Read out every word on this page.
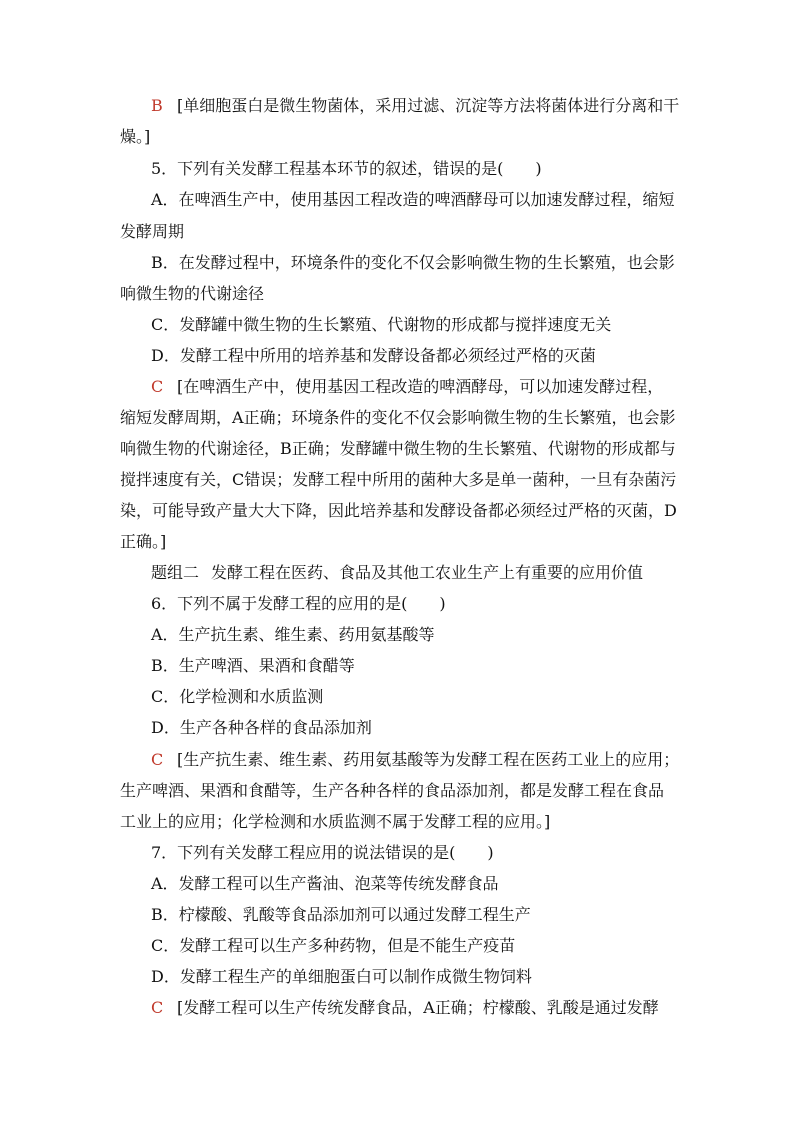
B [单细胞蛋白是微生物菌体，采用过滤、沉淀等方法将菌体进行分离和干
燥。]
5．下列有关发酵工程基本环节的叙述，错误的是(　　)
A．在啤酒生产中，使用基因工程改造的啤酒酵母可以加速发酵过程，缩短
发酵周期
B．在发酵过程中，环境条件的变化不仅会影响微生物的生长繁殖，也会影
响微生物的代谢途径
C．发酵罐中微生物的生长繁殖、代谢物的形成都与搅拌速度无关
D．发酵工程中所用的培养基和发酵设备都必须经过严格的灭菌
C [在啤酒生产中，使用基因工程改造的啤酒酵母，可以加速发酵过程，
缩短发酵周期，A正确；环境条件的变化不仅会影响微生物的生长繁殖，也会影
响微生物的代谢途径，B正确；发酵罐中微生物的生长繁殖、代谢物的形成都与
搅拌速度有关，C错误；发酵工程中所用的菌种大多是单一菌种，一旦有杂菌污
染，可能导致产量大大下降，因此培养基和发酵设备都必须经过严格的灭菌，D
正确。]
题组二 发酵工程在医药、食品及其他工农业生产上有重要的应用价值
6．下列不属于发酵工程的应用的是(　　)
A．生产抗生素、维生素、药用氨基酸等
B．生产啤酒、果酒和食醋等
C．化学检测和水质监测
D．生产各种各样的食品添加剂
C [生产抗生素、维生素、药用氨基酸等为发酵工程在医药工业上的应用；
生产啤酒、果酒和食醋等，生产各种各样的食品添加剂，都是发酵工程在食品
工业上的应用；化学检测和水质监测不属于发酵工程的应用。]
7．下列有关发酵工程应用的说法错误的是(　　)
A．发酵工程可以生产酱油、泡菜等传统发酵食品
B．柠檬酸、乳酸等食品添加剂可以通过发酵工程生产
C．发酵工程可以生产多种药物，但是不能生产疫苗
D．发酵工程生产的单细胞蛋白可以制作成微生物饲料
C [发酵工程可以生产传统发酵食品，A正确；柠檬酸、乳酸是通过发酵
